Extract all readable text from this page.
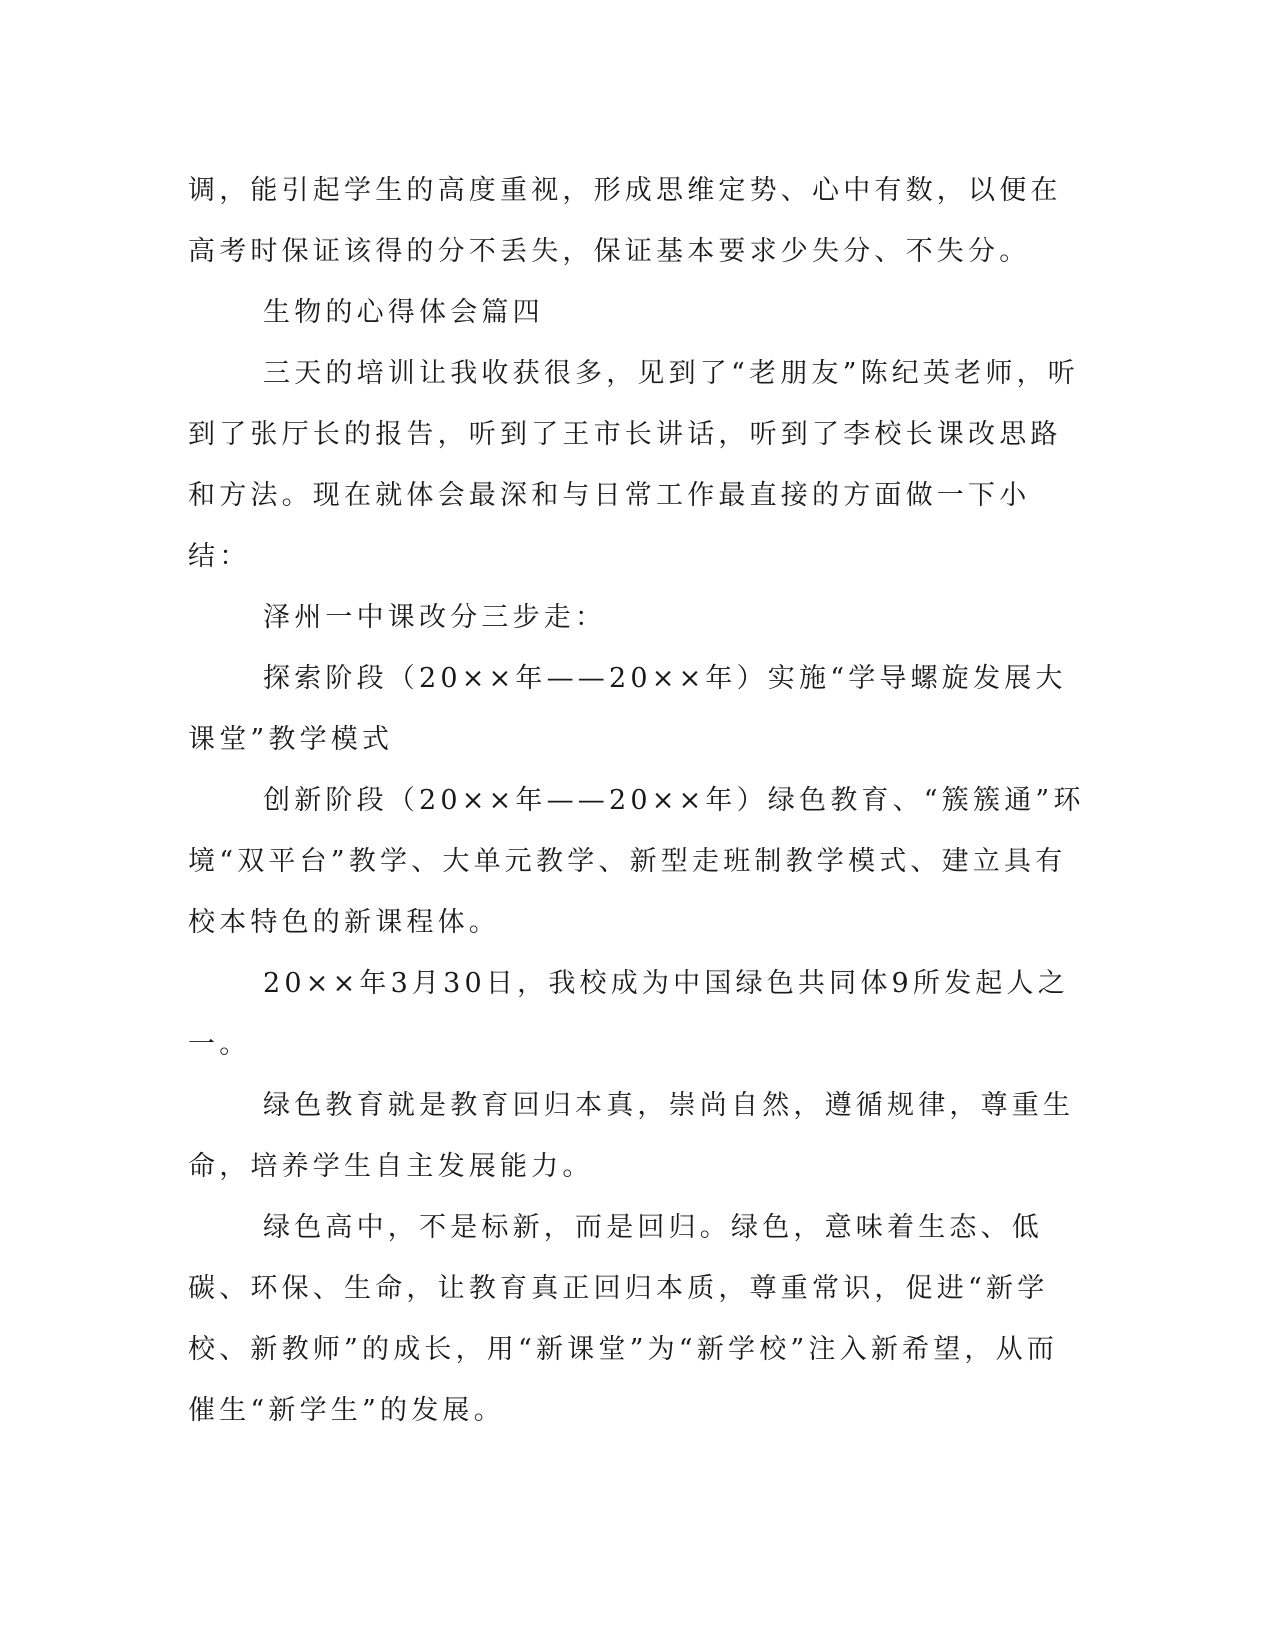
调，能引起学生的高度重视，形成思维定势、心中有数，以便在高考时保证该得的分不丢失，保证基本要求少失分、不失分。

生物的心得体会篇四

三天的培训让我收获很多，见到了“老朋友”陈纪英老师，听到了张厅长的报告，听到了王市长讲话，听到了李校长课改思路和方法。现在就体会最深和与日常工作最直接的方面做一下小结：

泽州一中课改分三步走：

探索阶段（20××年——20××年）实施“学导螺旋发展大课堂”教学模式

创新阶段（20××年——20××年）绿色教育、“簇簇通”环境“双平台”教学、大单元教学、新型走班制教学模式、建立具有校本特色的新课程体。

20××年3月30日，我校成为中国绿色共同体9所发起人之一。

绿色教育就是教育回归本真，崇尚自然，遵循规律，尊重生命，培养学生自主发展能力。

绿色高中，不是标新，而是回归。绿色，意味着生态、低碳、环保、生命，让教育真正回归本质，尊重常识，促进“新学校、新教师”的成长，用“新课堂”为“新学校”注入新希望，从而催生“新学生”的发展。
